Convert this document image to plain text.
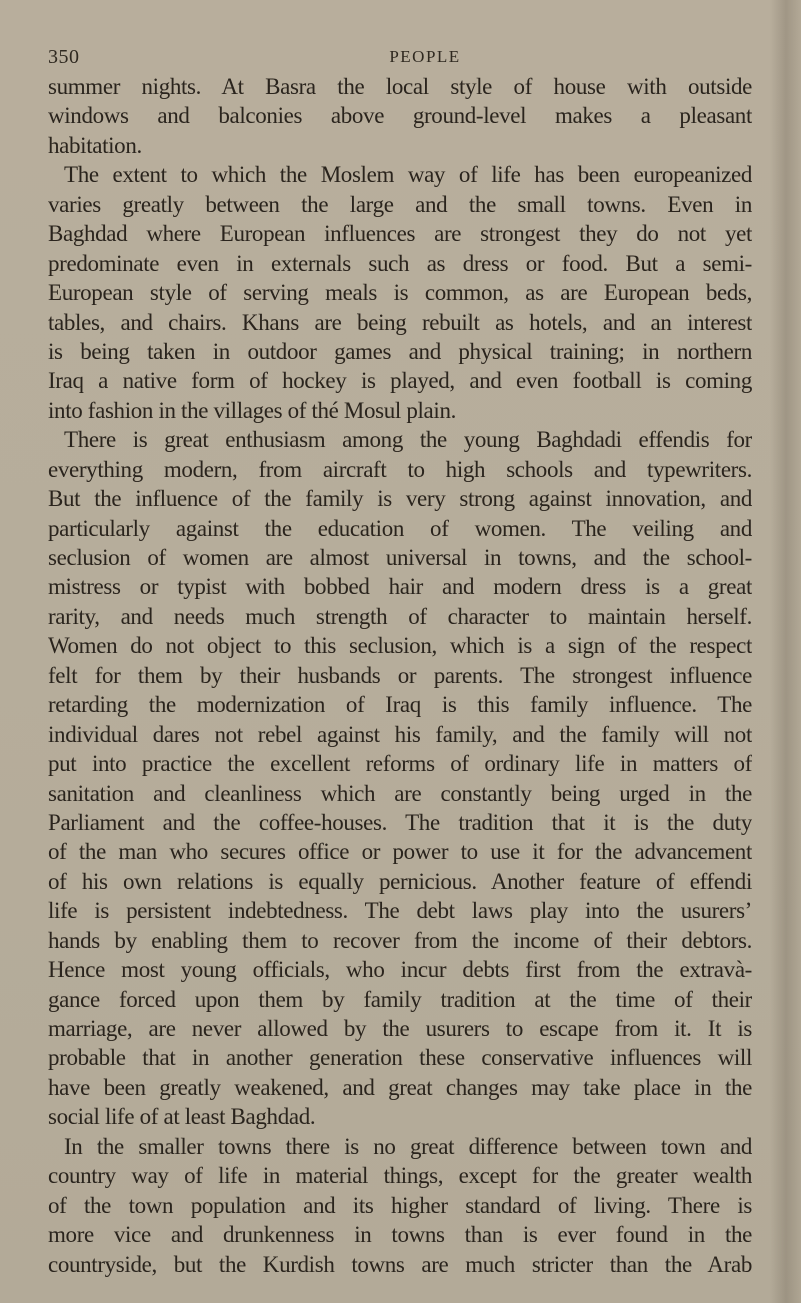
350	PEOPLE
summer nights. At Basra the local style of house with outside
windows and balconies above ground-level makes a pleasant
habitation.
The extent to which the Moslem way of life has been europeanized
varies greatly between the large and the small towns. Even in
Baghdad where European influences are strongest they do not yet
predominate even in externals such as dress or food. But a semi-
European style of serving meals is common, as are European beds,
tables, and chairs. Khans are being rebuilt as hotels, and an interest
is being taken in outdoor games and physical training; in northern
Iraq a native form of hockey is played, and even football is coming
into fashion in the villages of thé Mosul plain.
There is great enthusiasm among the young Baghdadi effendis for
everything modern, from aircraft to high schools and typewriters.
But the influence of the family is very strong against innovation, and
particularly against the education of women. The veiling and
seclusion of women are almost universal in towns, and the school-
mistress or typist with bobbed hair and modern dress is a great
rarity, and needs much strength of character to maintain herself.
Women do not object to this seclusion, which is a sign of the respect
felt for them by their husbands or parents. The strongest influence
retarding the modernization of Iraq is this family influence. The
individual dares not rebel against his family, and the family will not
put into practice the excellent reforms of ordinary life in matters of
sanitation and cleanliness which are constantly being urged in the
Parliament and the coffee-houses. The tradition that it is the duty
of the man who secures office or power to use it for the advancement
of his own relations is equally pernicious. Another feature of effendi
life is persistent indebtedness. The debt laws play into the usurers’
hands by enabling them to recover from the income of their debtors.
Hence most young officials, who incur debts first from the extravà-
gance forced upon them by family tradition at the time of their
marriage, are never allowed by the usurers to escape from it. It is
probable that in another generation these conservative influences will
have been greatly weakened, and great changes may take place in the
social life of at least Baghdad.
In the smaller towns there is no great difference between town and
country way of life in material things, except for the greater wealth
of the town population and its higher standard of living. There is
more vice and drunkenness in towns than is ever found in the
countryside, but the Kurdish towns are much stricter than the Arab
